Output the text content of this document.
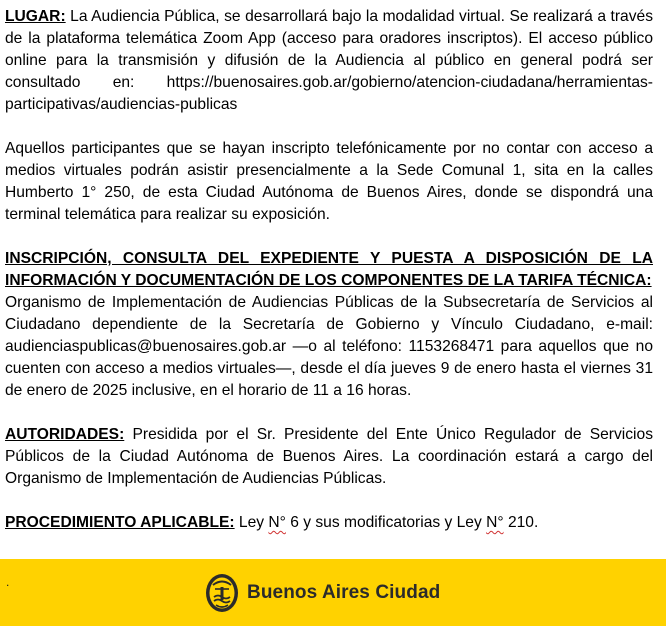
LUGAR: La Audiencia Pública, se desarrollará bajo la modalidad virtual. Se realizará a través de la plataforma telemática Zoom App (acceso para oradores inscriptos). El acceso público online para la transmisión y difusión de la Audiencia al público en general podrá ser consultado en: https://buenosaires.gob.ar/gobierno/atencion-ciudadana/herramientas-participativas/audiencias-publicas

Aquellos participantes que se hayan inscripto telefónicamente por no contar con acceso a medios virtuales podrán asistir presencialmente a la Sede Comunal 1, sita en la calles Humberto 1° 250, de esta Ciudad Autónoma de Buenos Aires, donde se dispondrá una terminal telemática para realizar su exposición.

INSCRIPCIÓN, CONSULTA DEL EXPEDIENTE Y PUESTA A DISPOSICIÓN DE LA INFORMACIÓN Y DOCUMENTACIÓN DE LOS COMPONENTES DE LA TARIFA TÉCNICA:
Organismo de Implementación de Audiencias Públicas de la Subsecretaría de Servicios al Ciudadano dependiente de la Secretaría de Gobierno y Vínculo Ciudadano, e-mail: audienciaspublicas@buenosaires.gob.ar —o al teléfono: 1153268471 para aquellos que no cuenten con acceso a medios virtuales—, desde el día jueves 9 de enero hasta el viernes 31 de enero de 2025 inclusive, en el horario de 11 a 16 horas.

AUTORIDADES: Presidida por el Sr. Presidente del Ente Único Regulador de Servicios Públicos de la Ciudad Autónoma de Buenos Aires. La coordinación estará a cargo del Organismo de Implementación de Audiencias Públicas.

PROCEDIMIENTO APLICABLE: Ley N° 6 y sus modificatorias y Ley N° 210.

.	Buenos Aires Ciudad
